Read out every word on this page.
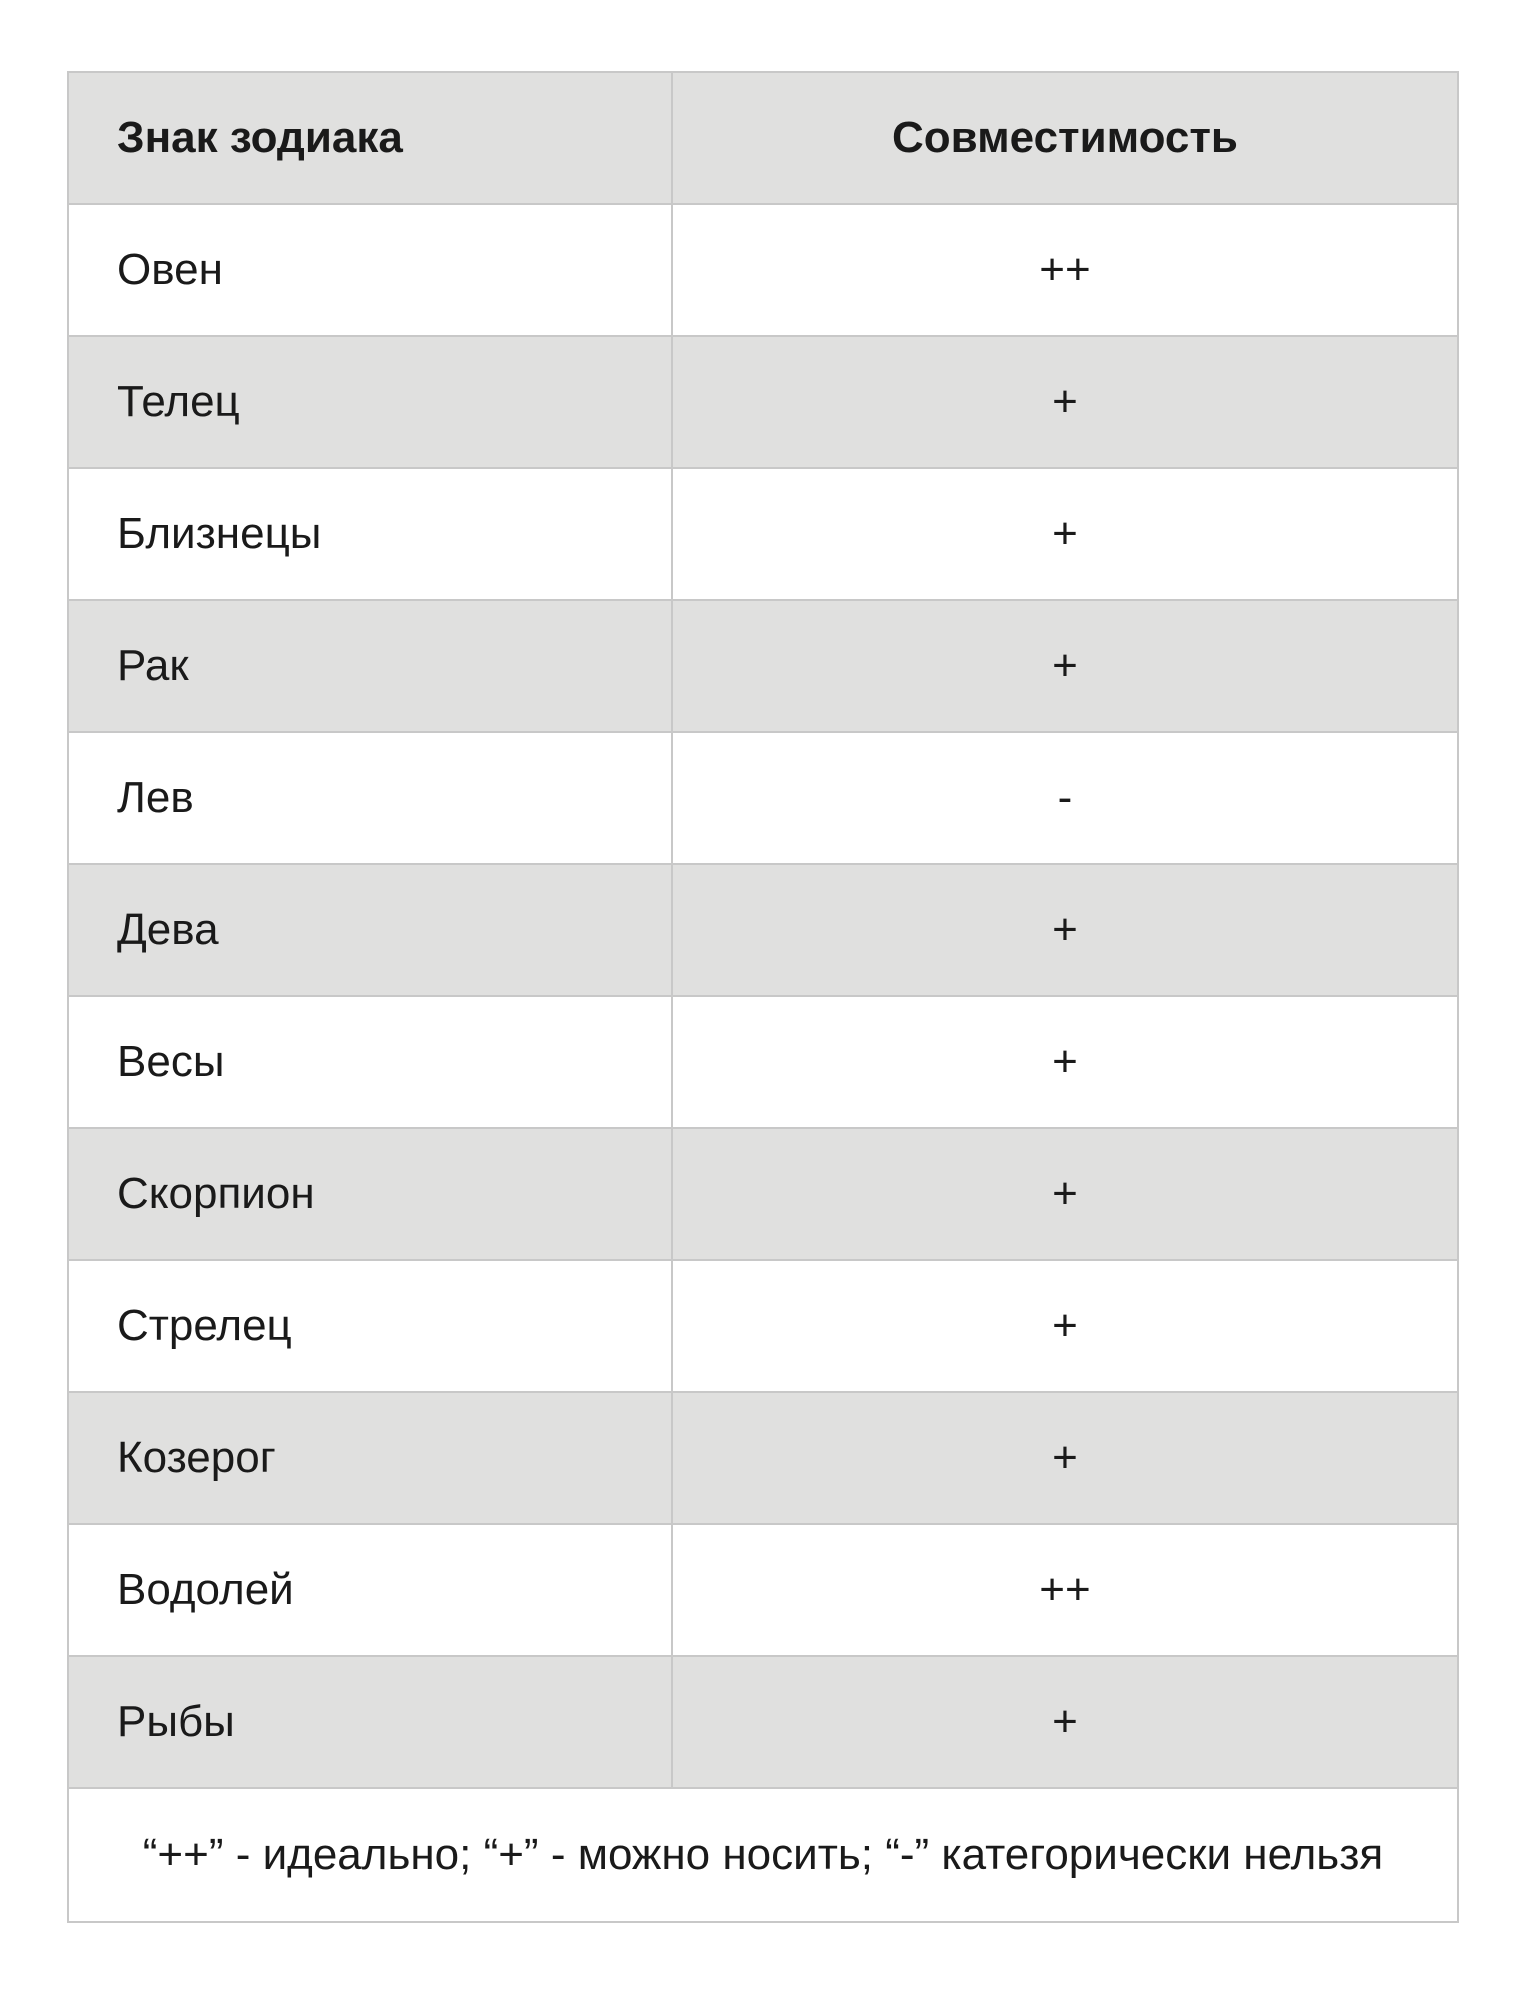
Знак зодиака	Совместимость
Овен	++
Телец	+
Близнецы	+
Рак	+
Лев	-
Дева	+
Весы	+
Скорпион	+
Стрелец	+
Козерог	+
Водолей	++
Рыбы	+
“++” - идеально; “+” - можно носить; “-” категорически нельзя
